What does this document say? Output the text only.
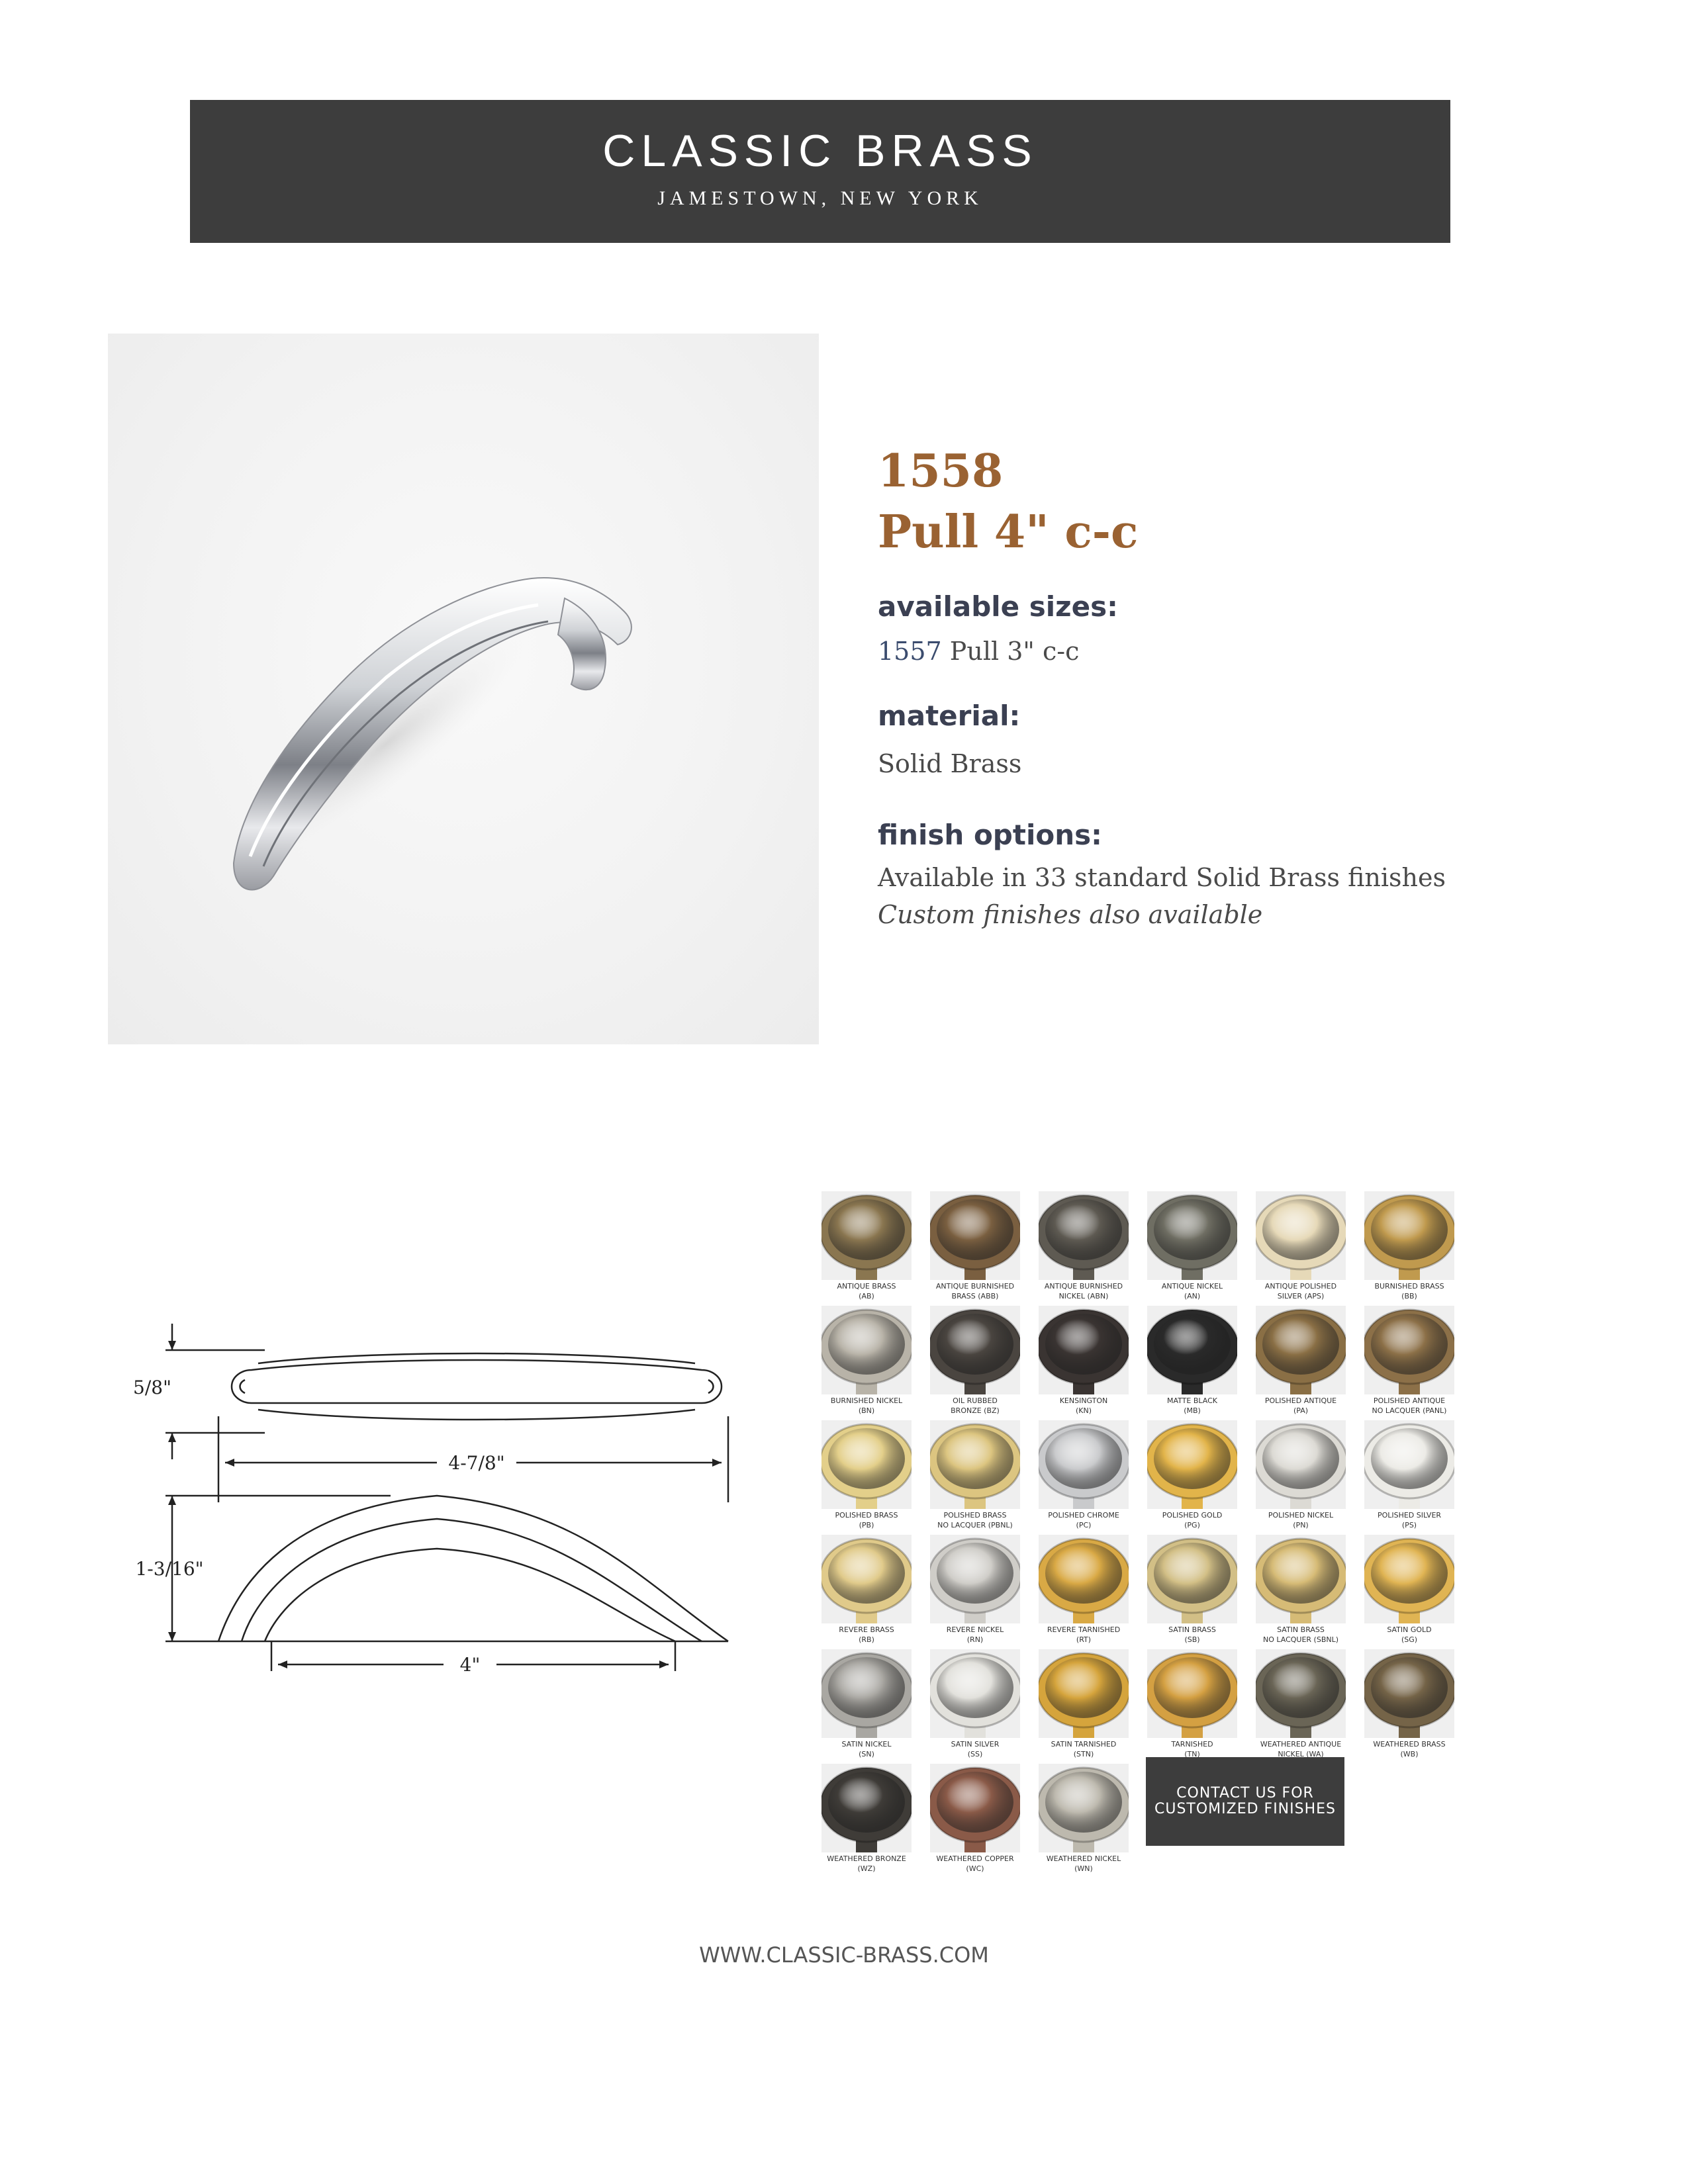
CLASSIC BRASS
JAMESTOWN, NEW YORK
1558
Pull 4" c-c
available sizes:
1557 Pull 3" c-c
material:
Solid Brass
finish options:
Available in 33 standard Solid Brass finishes
Custom finishes also available
5/8"
4-7/8"
1-3/16"
4"
CONTACT US FOR
CUSTOMIZED FINISHES
ANTIQUE BRASS
(AB)
ANTIQUE BURNISHED
BRASS (ABB)
ANTIQUE BURNISHED
NICKEL (ABN)
ANTIQUE NICKEL
(AN)
ANTIQUE POLISHED
SILVER (APS)
BURNISHED BRASS
(BB)
BURNISHED NICKEL
(BN)
OIL RUBBED
BRONZE (BZ)
KENSINGTON
(KN)
MATTE BLACK
(MB)
POLISHED ANTIQUE
(PA)
POLISHED ANTIQUE
NO LACQUER (PANL)
POLISHED BRASS
(PB)
POLISHED BRASS
NO LACQUER (PBNL)
POLISHED CHROME
(PC)
POLISHED GOLD
(PG)
POLISHED NICKEL
(PN)
POLISHED SILVER
(PS)
REVERE BRASS
(RB)
REVERE NICKEL
(RN)
REVERE TARNISHED
(RT)
SATIN BRASS
(SB)
SATIN BRASS
NO LACQUER (SBNL)
SATIN GOLD
(SG)
SATIN NICKEL
(SN)
SATIN SILVER
(SS)
SATIN TARNISHED
(STN)
TARNISHED
(TN)
WEATHERED ANTIQUE
NICKEL (WA)
WEATHERED BRASS
(WB)
WEATHERED BRONZE
(WZ)
WEATHERED COPPER
(WC)
WEATHERED NICKEL
(WN)
WWW.CLASSIC-BRASS.COM
